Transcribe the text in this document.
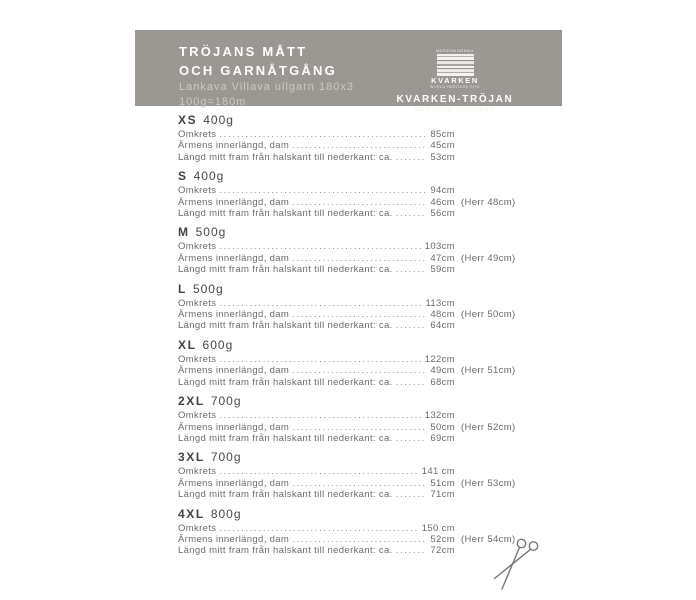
TRÖJANS MÅTT
OCH GARNÅTGÅNG
Lankava Villava ullgarn 180x3
100g=180m
MERENKURKKU
KVARKEN
WORLD HERITAGE SITE
KVARKEN-TRÖJAN
Världsarvets stickmönster
XS 400g
Omkrets .....	85cm
Ärmens innerlängd, dam .....	45cm
Längd mitt fram från halskant till nederkant: ca. .....	53cm
S 400g
Omkrets .....	94cm
Ärmens innerlängd, dam .....	46cm (Herr 48cm)
Längd mitt fram från halskant till nederkant: ca. .....	56cm
M 500g
Omkrets .....	103cm
Ärmens innerlängd, dam .....	47cm (Herr 49cm)
Längd mitt fram från halskant till nederkant: ca. .....	59cm
L 500g
Omkrets .....	113cm
Ärmens innerlängd, dam .....	48cm (Herr 50cm)
Längd mitt fram från halskant till nederkant: ca. .....	64cm
XL 600g
Omkrets .....	122cm
Ärmens innerlängd, dam .....	49cm (Herr 51cm)
Längd mitt fram från halskant till nederkant: ca. .....	68cm
2XL 700g
Omkrets .....	132cm
Ärmens innerlängd, dam .....	50cm (Herr 52cm)
Längd mitt fram från halskant till nederkant: ca. .....	69cm
3XL 700g
Omkrets .....	141 cm
Ärmens innerlängd, dam .....	51cm (Herr 53cm)
Längd mitt fram från halskant till nederkant: ca. .....	71cm
4XL 800g
Omkrets .....	150 cm
Ärmens innerlängd, dam .....	52cm (Herr 54cm)
Längd mitt fram från halskant till nederkant: ca. .....	72cm
